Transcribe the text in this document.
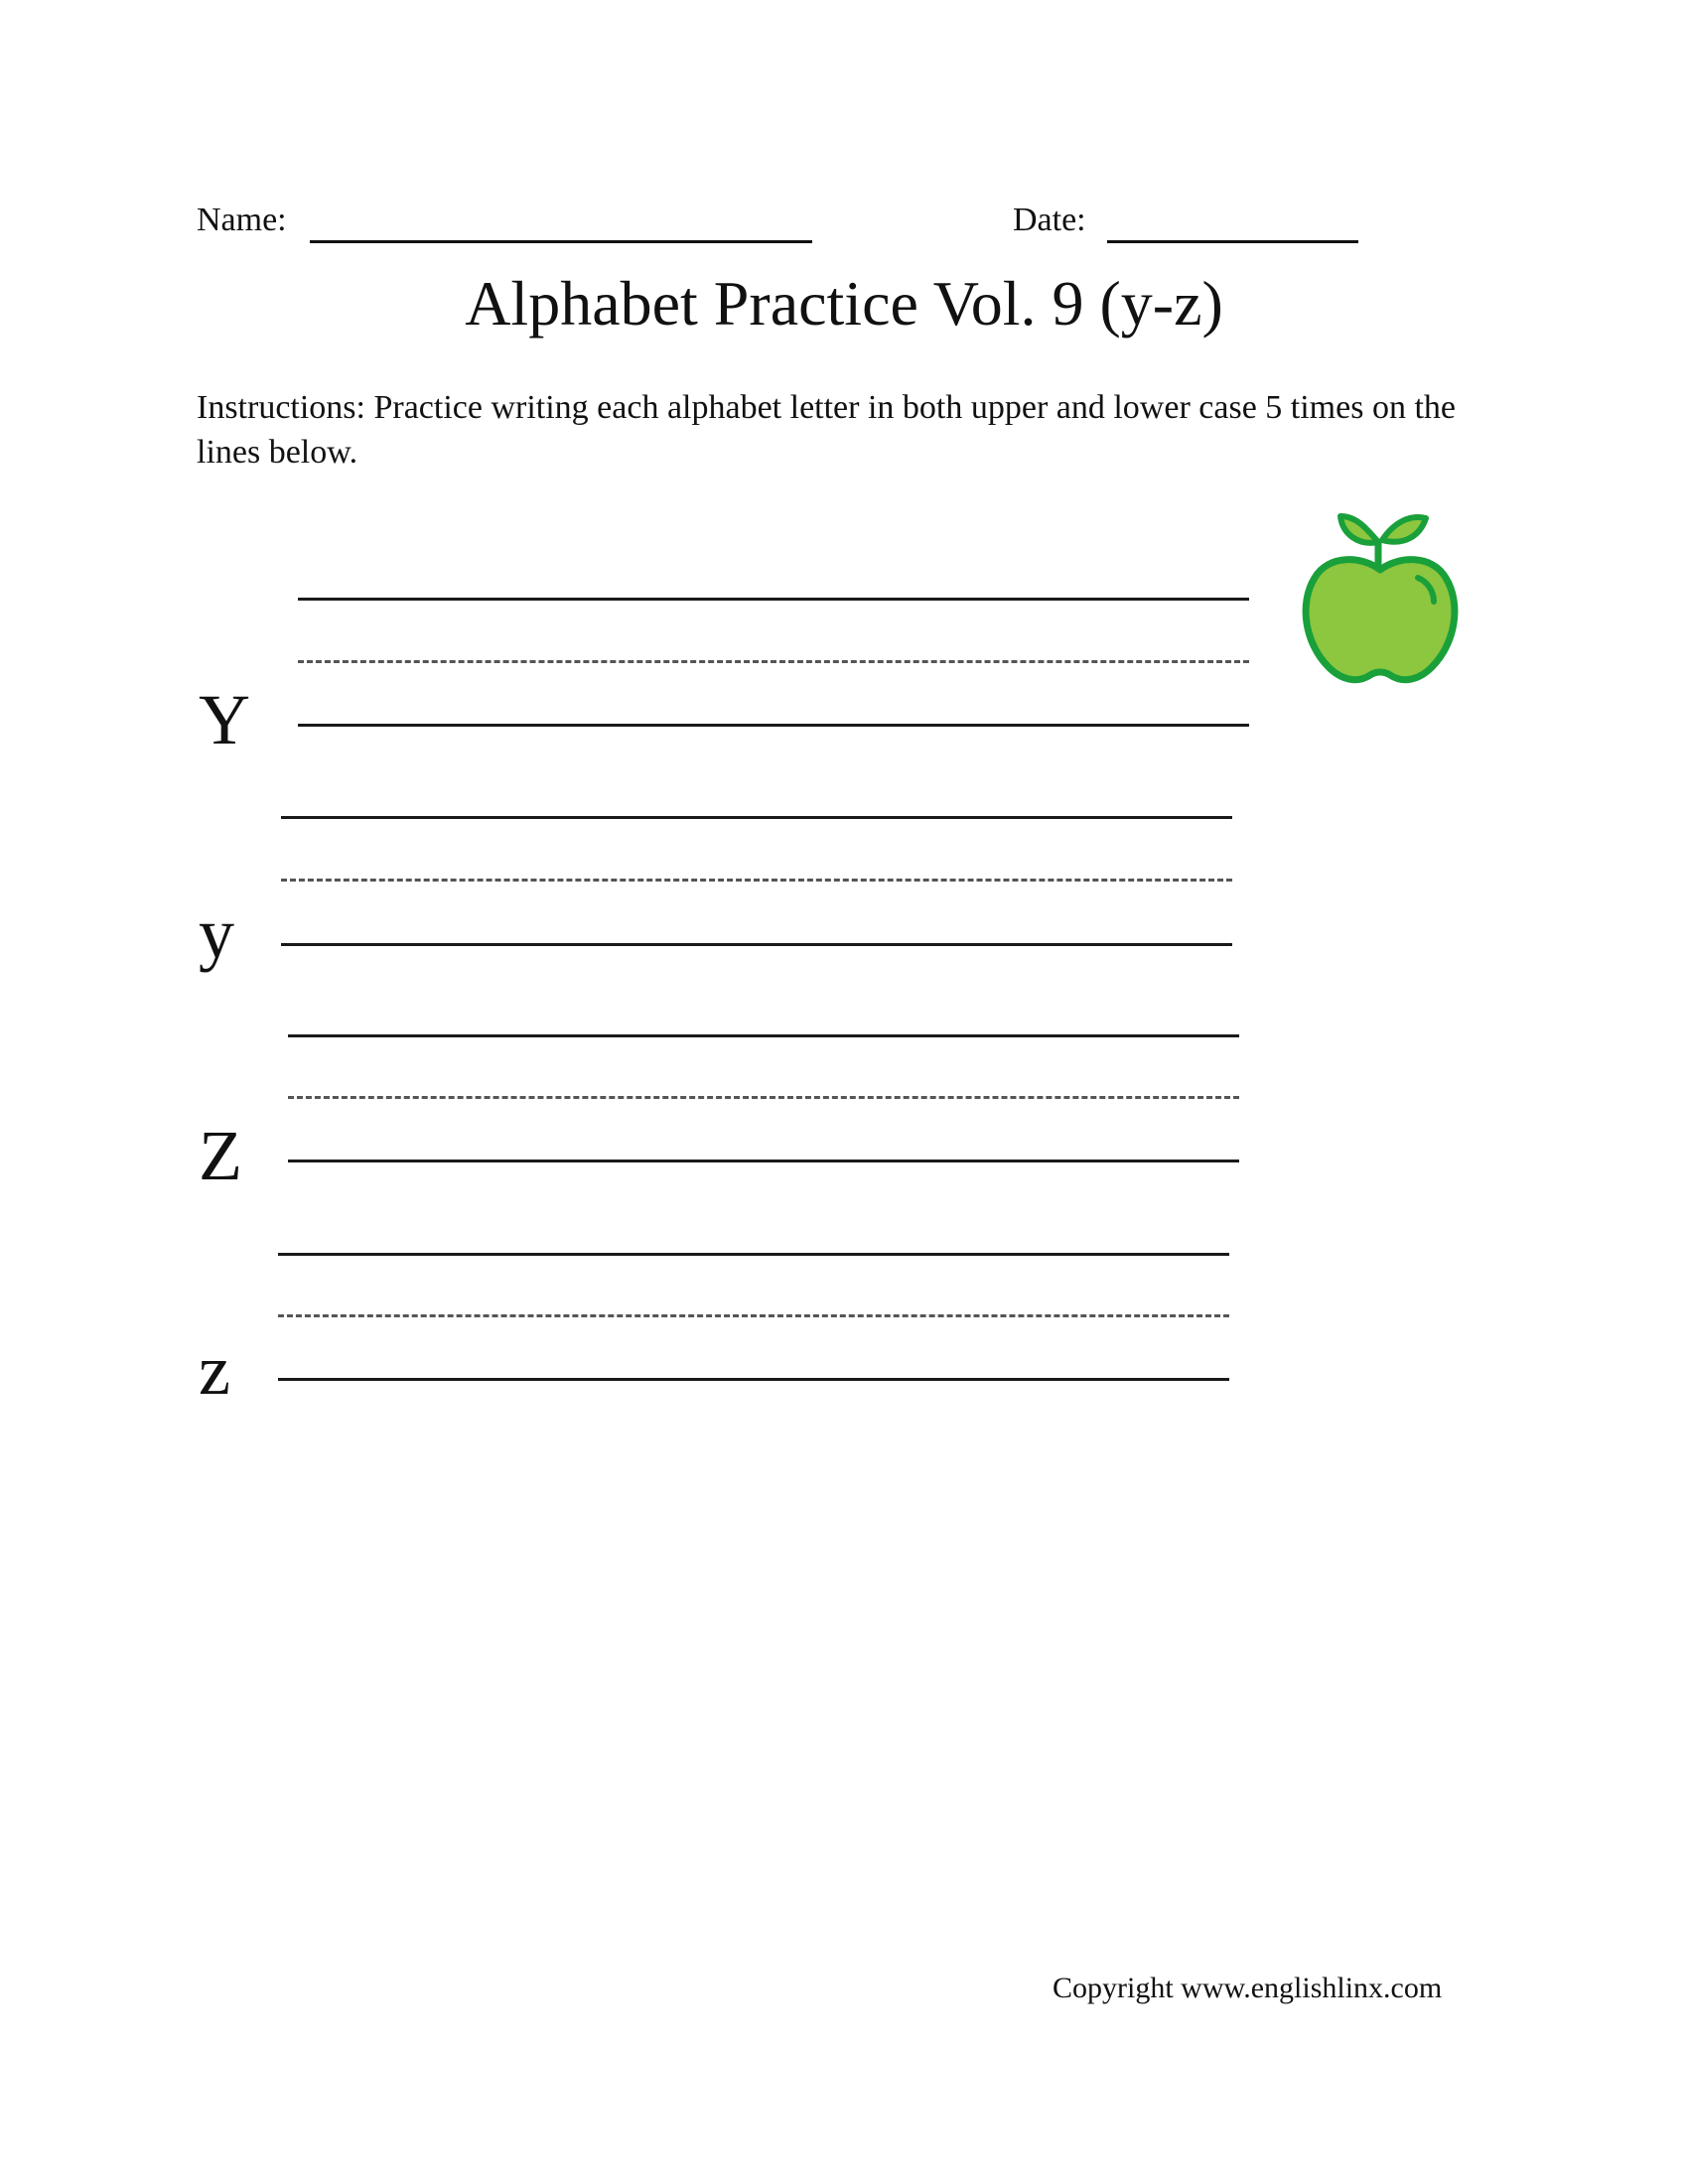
Name:	Date:
Alphabet Practice Vol. 9 (y-z)
Instructions: Practice writing each alphabet letter in both upper and lower case 5 times on the lines below.
Y
y
Z
z
Copyright www.englishlinx.com
